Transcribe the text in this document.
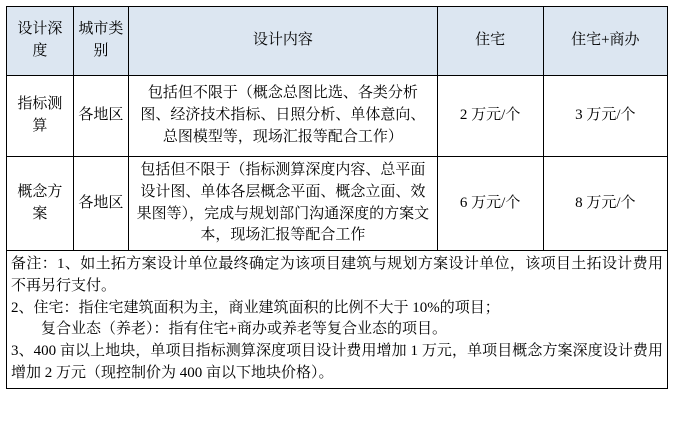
设计深度	城市类别	设计内容	住宅	住宅+商办
指标测算	各地区	包括但不限于（概念总图比选、各类分析图、经济技术指标、日照分析、单体意向、总图模型等，现场汇报等配合工作）	2 万元/个	3 万元/个
概念方案	各地区	包括但不限于（指标测算深度内容、总平面设计图、单体各层概念平面、概念立面、效果图等），完成与规划部门沟通深度的方案文本，现场汇报等配合工作	6 万元/个	8 万元/个

备注：1、如土拓方案设计单位最终确定为该项目建筑与规划方案设计单位，该项目土拓设计费用不再另行支付。

2、住宅：指住宅建筑面积为主，商业建筑面积的比例不大于 10%的项目；

复合业态（养老）：指有住宅+商办或养老等复合业态的项目。

3、400 亩以上地块，单项目指标测算深度项目设计费用增加 1 万元，单项目概念方案深度设计费用增加 2 万元（现控制价为 400 亩以下地块价格）。				
